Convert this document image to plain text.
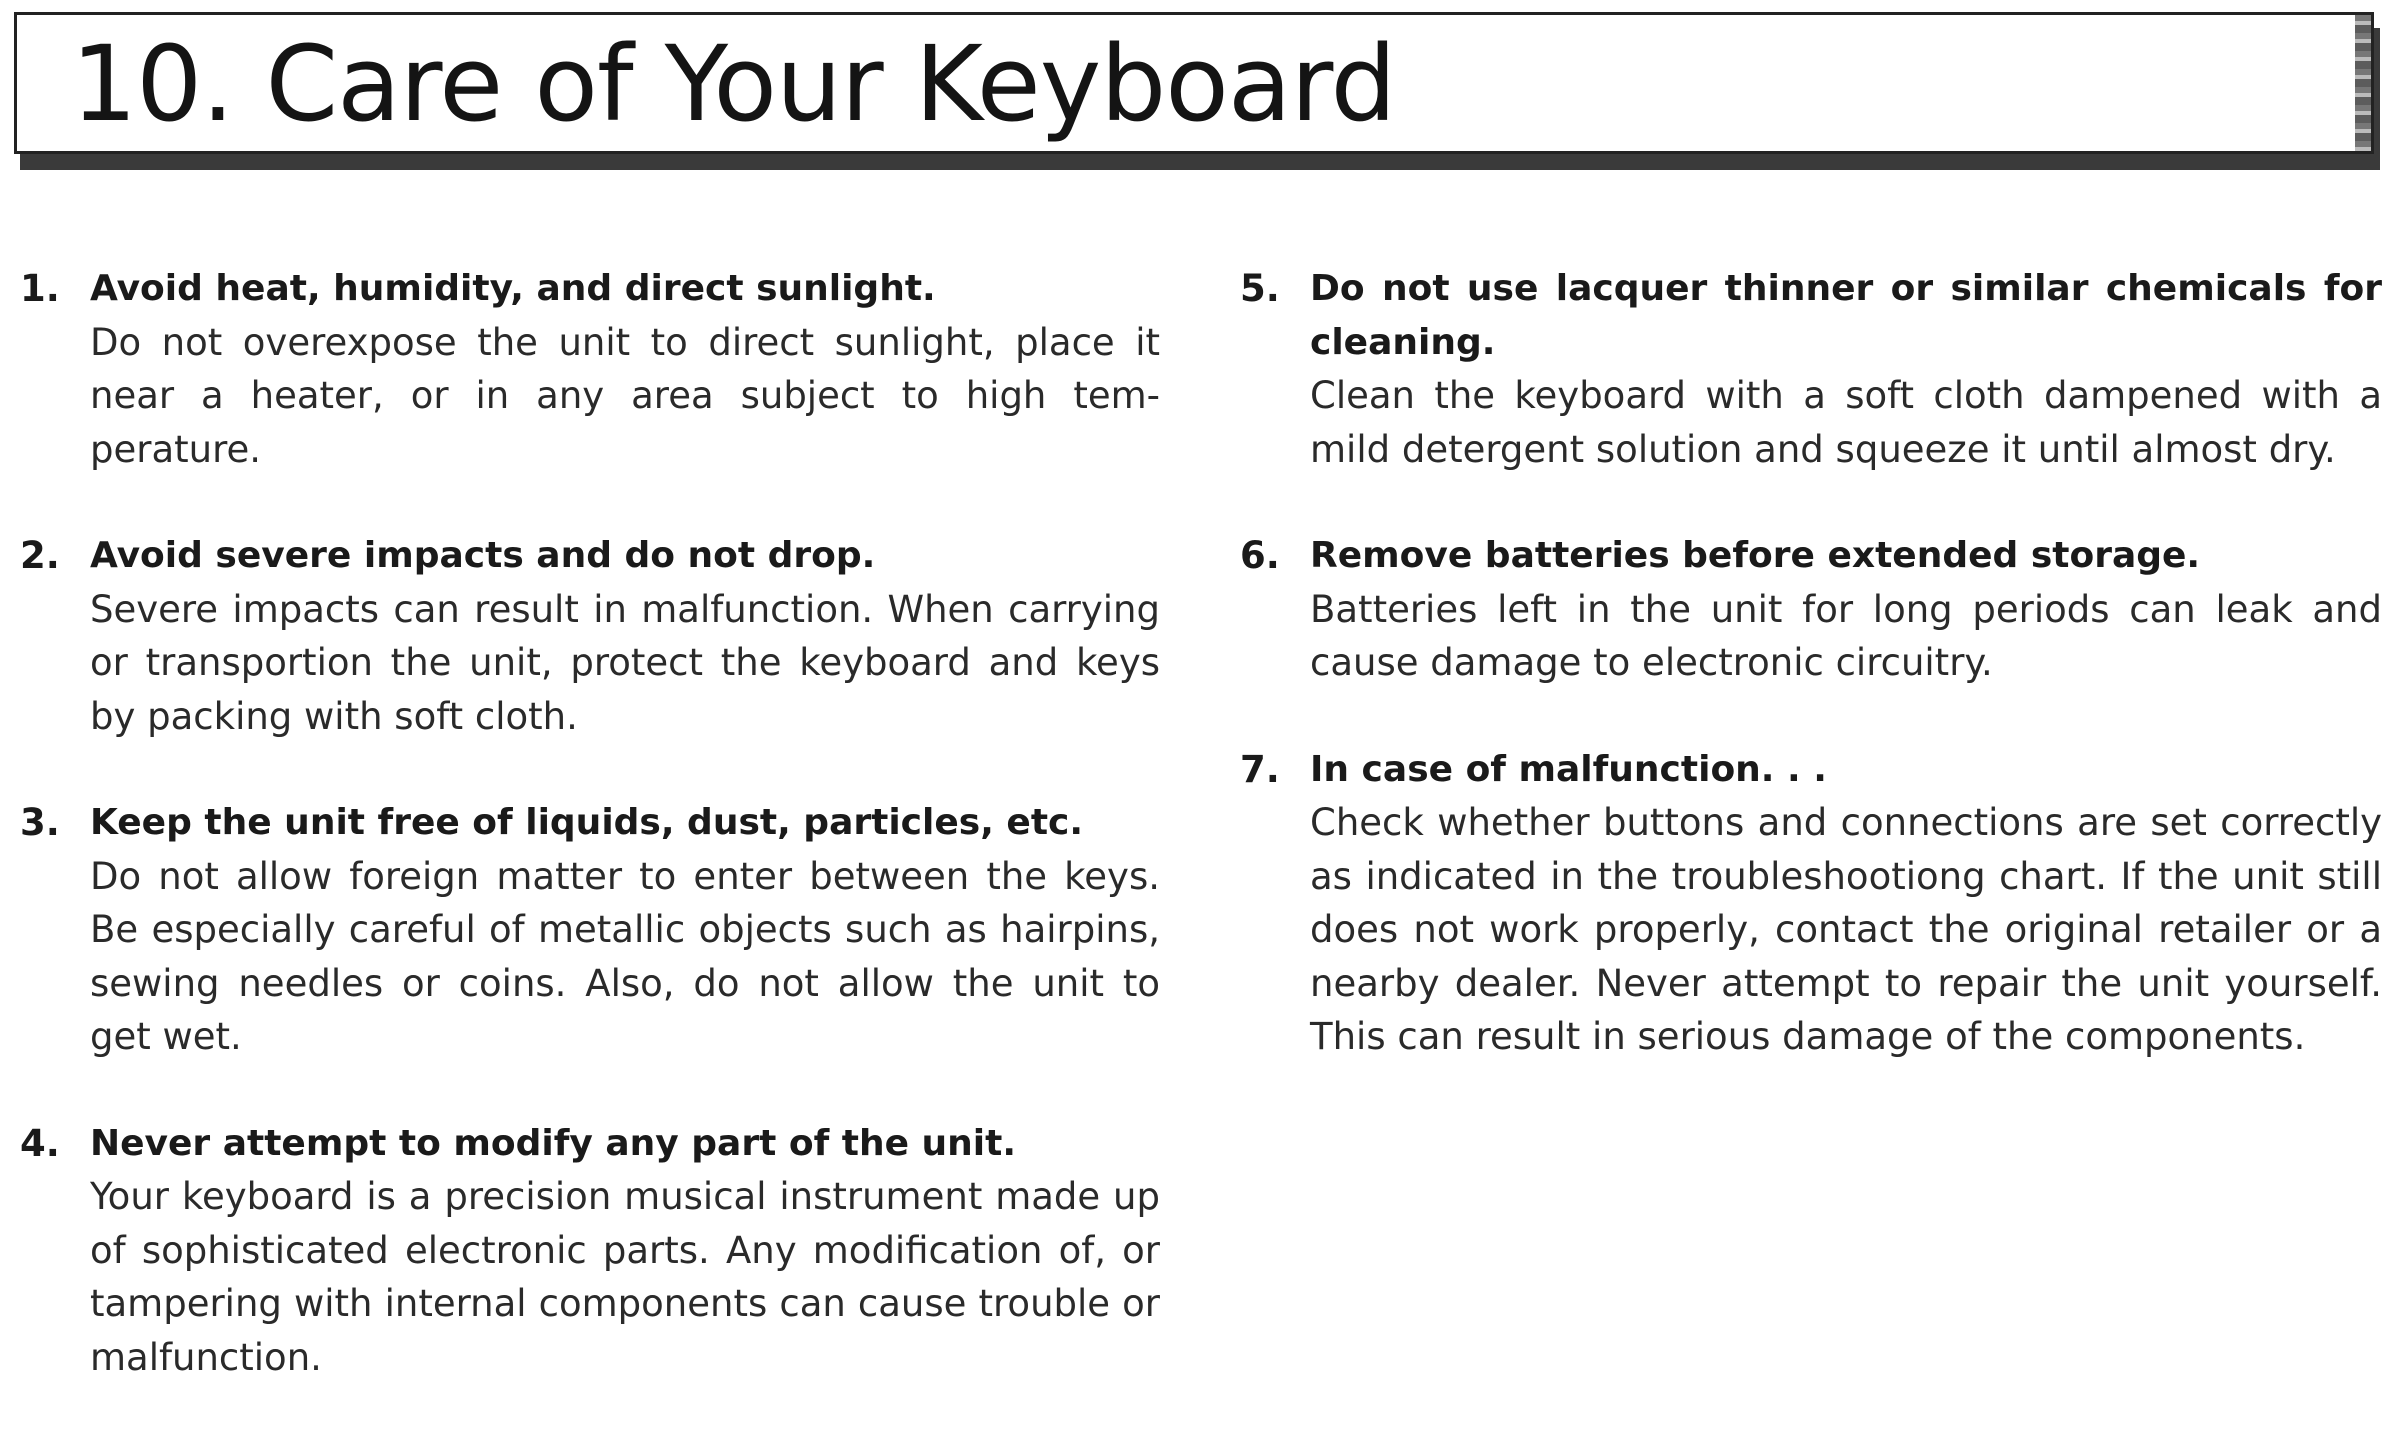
10. Care of Your Keyboard
1. Avoid heat, humidity, and direct sunlight.
Do not overexpose the unit to direct sunlight, place it near a heater, or in any area subject to high temperature.
2. Avoid severe impacts and do not drop.
Severe impacts can result in malfunction. When carrying or transportion the unit, protect the keyboard and keys by packing with soft cloth.
3. Keep the unit free of liquids, dust, particles, etc.
Do not allow foreign matter to enter between the keys. Be especially careful of metallic objects such as hairpins, sewing needles or coins. Also, do not allow the unit to get wet.
4. Never attempt to modify any part of the unit.
Your keyboard is a precision musical instrument made up of sophisticated electronic parts. Any modification of, or tampering with internal components can cause trouble or malfunction.
5. Do not use lacquer thinner or similar chemicals for cleaning.
Clean the keyboard with a soft cloth dampened with a mild detergent solution and squeeze it until almost dry.
6. Remove batteries before extended storage.
Batteries left in the unit for long periods can leak and cause damage to electronic circuitry.
7. In case of malfunction. . .
Check whether buttons and connections are set correctly as indicated in the troubleshootiong chart. If the unit still does not work properly, contact the original retailer or a nearby dealer. Never attempt to repair the unit yourself. This can result in serious damage of the components.
